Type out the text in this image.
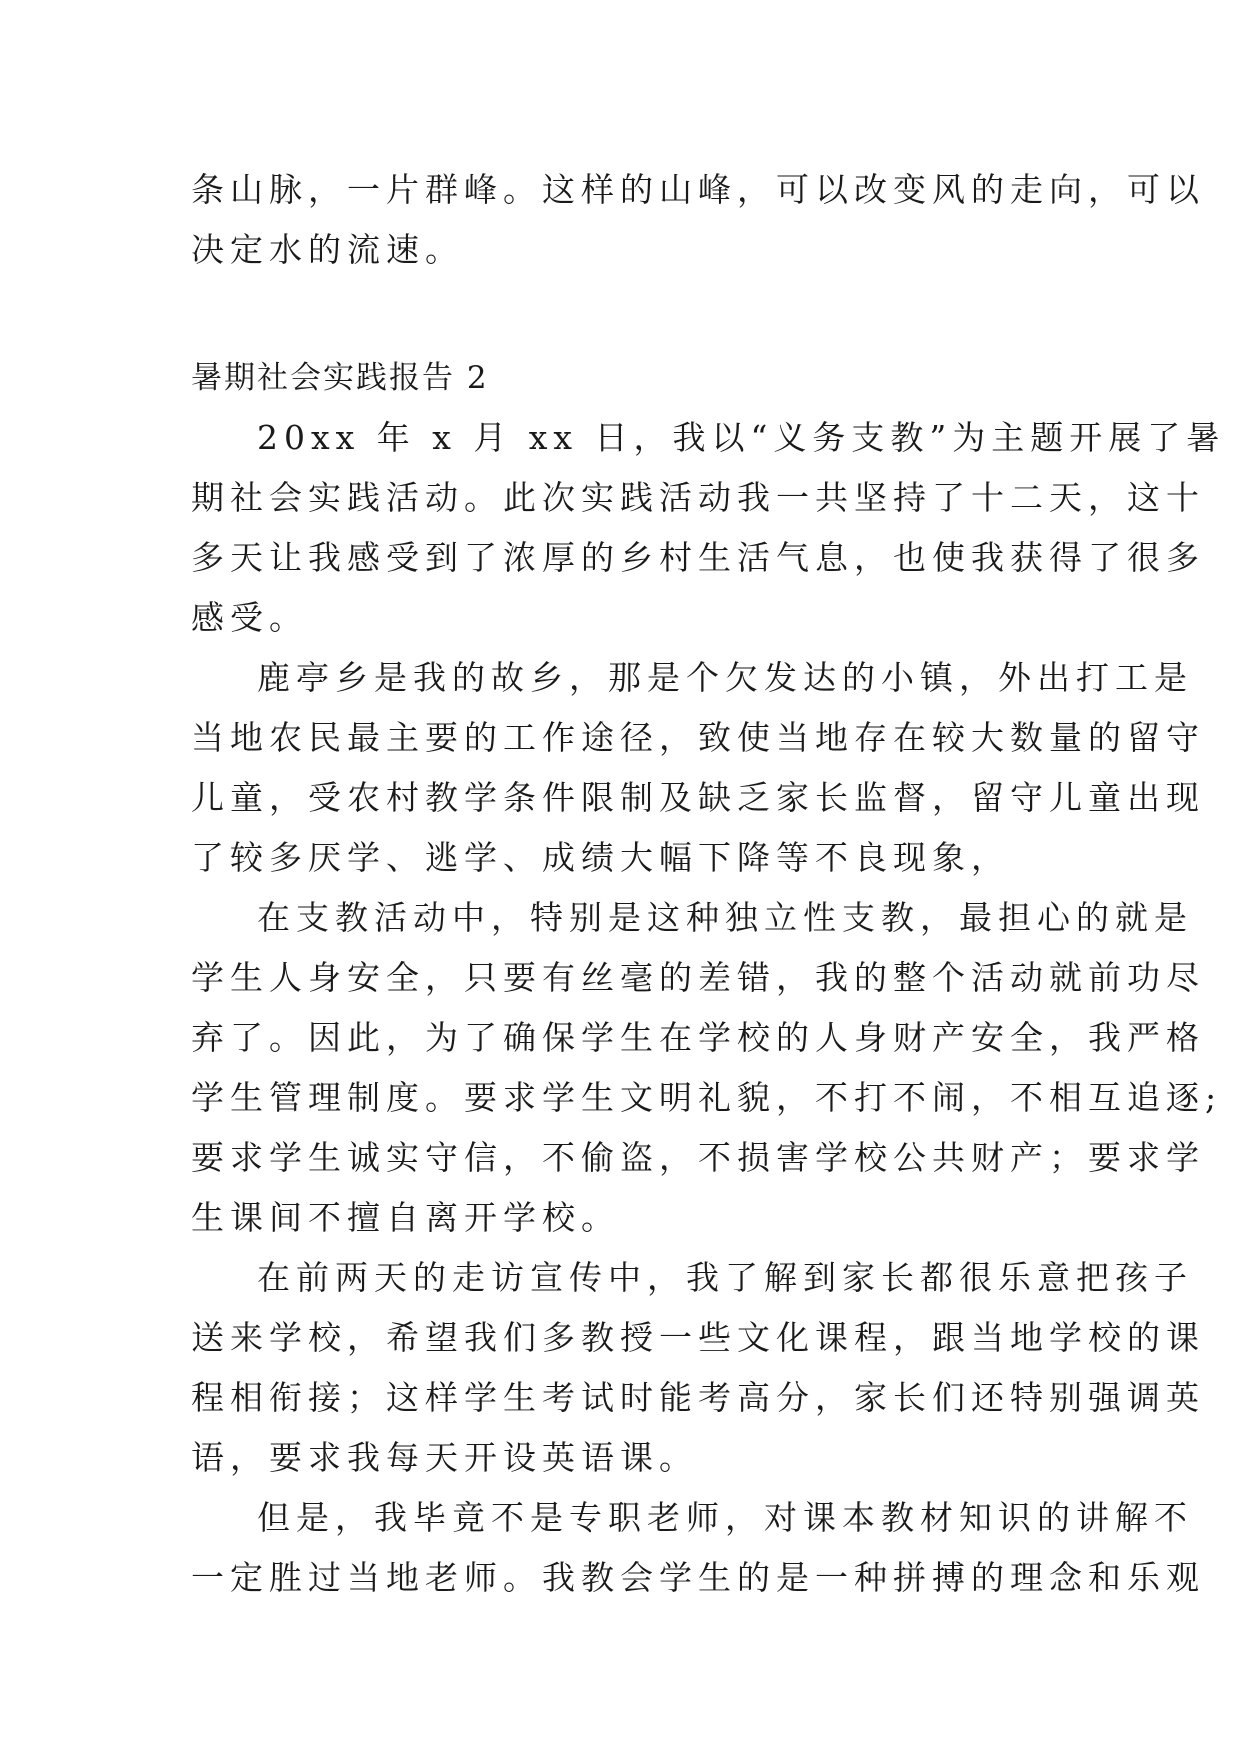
条山脉，一片群峰。这样的山峰，可以改变风的走向，可以
决定水的流速。
暑期社会实践报告 2
20xx 年 x 月 xx 日，我以“义务支教”为主题开展了暑
期社会实践活动。此次实践活动我一共坚持了十二天，这十
多天让我感受到了浓厚的乡村生活气息，也使我获得了很多
感受。
鹿亭乡是我的故乡，那是个欠发达的小镇，外出打工是
当地农民最主要的工作途径，致使当地存在较大数量的留守
儿童，受农村教学条件限制及缺乏家长监督，留守儿童出现
了较多厌学、逃学、成绩大幅下降等不良现象，
在支教活动中，特别是这种独立性支教，最担心的就是
学生人身安全，只要有丝毫的差错，我的整个活动就前功尽
弃了。因此，为了确保学生在学校的人身财产安全，我严格
学生管理制度。要求学生文明礼貌，不打不闹，不相互追逐;
要求学生诚实守信，不偷盗，不损害学校公共财产；要求学
生课间不擅自离开学校。
在前两天的走访宣传中，我了解到家长都很乐意把孩子
送来学校，希望我们多教授一些文化课程，跟当地学校的课
程相衔接；这样学生考试时能考高分，家长们还特别强调英
语，要求我每天开设英语课。
但是，我毕竟不是专职老师，对课本教材知识的讲解不
一定胜过当地老师。我教会学生的是一种拼搏的理念和乐观
